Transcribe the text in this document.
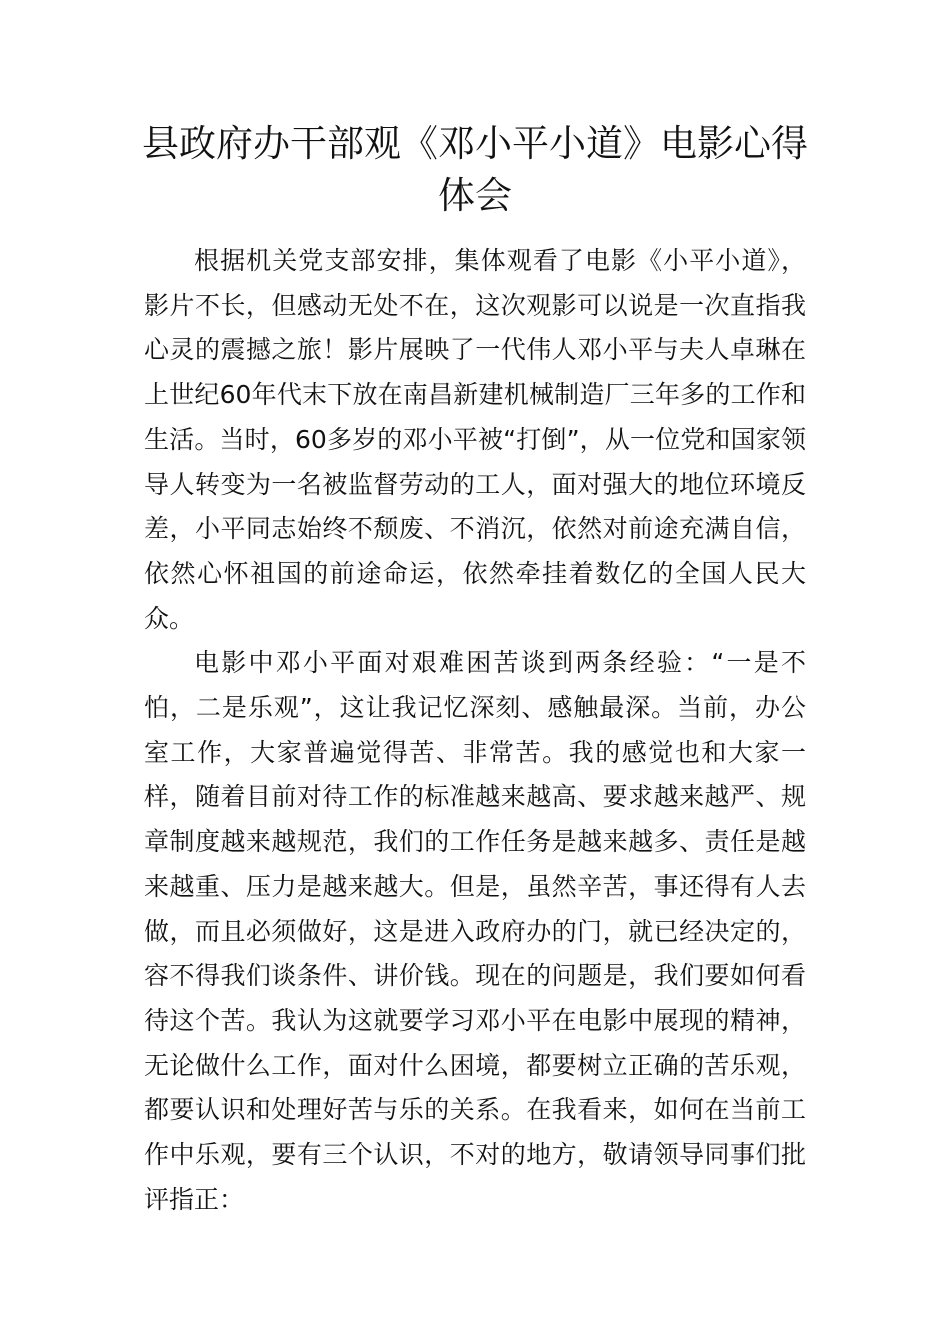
县政府办干部观《邓小平小道》电影心得体会

根据机关党支部安排，集体观看了电影《小平小道》，影片不长，但感动无处不在，这次观影可以说是一次直指我心灵的震撼之旅！影片展映了一代伟人邓小平与夫人卓琳在上世纪60年代末下放在南昌新建机械制造厂三年多的工作和生活。当时，60多岁的邓小平被“打倒”，从一位党和国家领导人转变为一名被监督劳动的工人，面对强大的地位环境反差，小平同志始终不颓废、不消沉，依然对前途充满自信，依然心怀祖国的前途命运，依然牵挂着数亿的全国人民大众。

电影中邓小平面对艰难困苦谈到两条经验：“一是不怕，二是乐观”，这让我记忆深刻、感触最深。当前，办公室工作，大家普遍觉得苦、非常苦。我的感觉也和大家一样，随着目前对待工作的标准越来越高、要求越来越严、规章制度越来越规范，我们的工作任务是越来越多、责任是越来越重、压力是越来越大。但是，虽然辛苦，事还得有人去做，而且必须做好，这是进入政府办的门，就已经决定的，容不得我们谈条件、讲价钱。现在的问题是，我们要如何看待这个苦。我认为这就要学习邓小平在电影中展现的精神，无论做什么工作，面对什么困境，都要树立正确的苦乐观，都要认识和处理好苦与乐的关系。在我看来，如何在当前工作中乐观，要有三个认识，不对的地方，敬请领导同事们批评指正：
